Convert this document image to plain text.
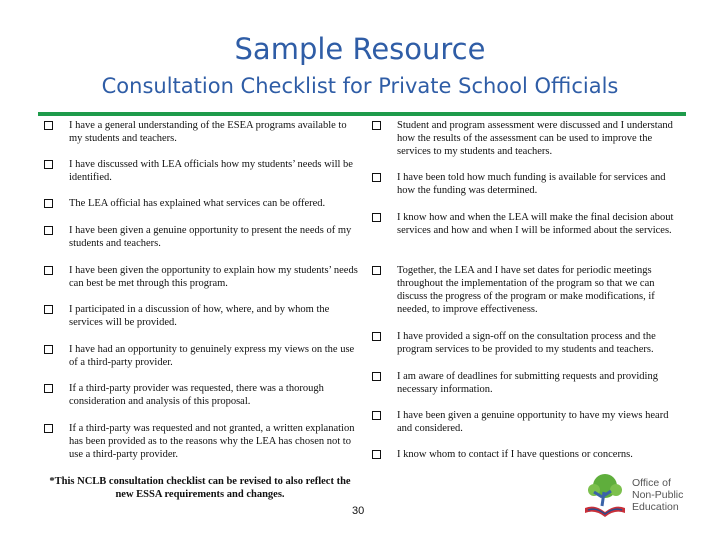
Sample Resource
Consultation Checklist for Private School Officials
I have a general understanding of the ESEA programs available to my students and teachers.
I have discussed with LEA officials how my students’ needs will be identified.
The LEA official has explained what services can be offered.
I have been given a genuine opportunity to present the needs of my students and teachers.
I have been given the opportunity to explain how my students’ needs can best be met through this program.
I participated in a discussion of how, where, and by whom the services will be provided.
I have had an opportunity to genuinely express my views on the use of a third-party provider.
If a third-party provider was requested, there was a thorough consideration and analysis of this proposal.
If a third-party was requested and not granted, a written explanation has been provided as to the reasons why the LEA has chosen not to use a third-party provider.
Student and program assessment were discussed and I understand how the results of the assessment can be used to improve the services to my students and teachers.
I have been told how much funding is available for services and how the funding was determined.
I know how and when the LEA will make the final decision about services and how and when I will be informed about the services.
Together, the LEA and I have set dates for periodic meetings throughout the implementation of the program so that we can discuss the progress of the program or make modifications, if needed, to improve effectiveness.
I have provided a sign-off on the consultation process and the program services to be provided to my students and teachers.
I am aware of deadlines for submitting requests and providing necessary information.
I have been given a genuine opportunity to have my views heard and considered.
I know whom to contact if I have questions or concerns.
*This NCLB consultation checklist can be revised to also reflect the new ESSA requirements and changes.
30
Office of
Non-Public
Education
